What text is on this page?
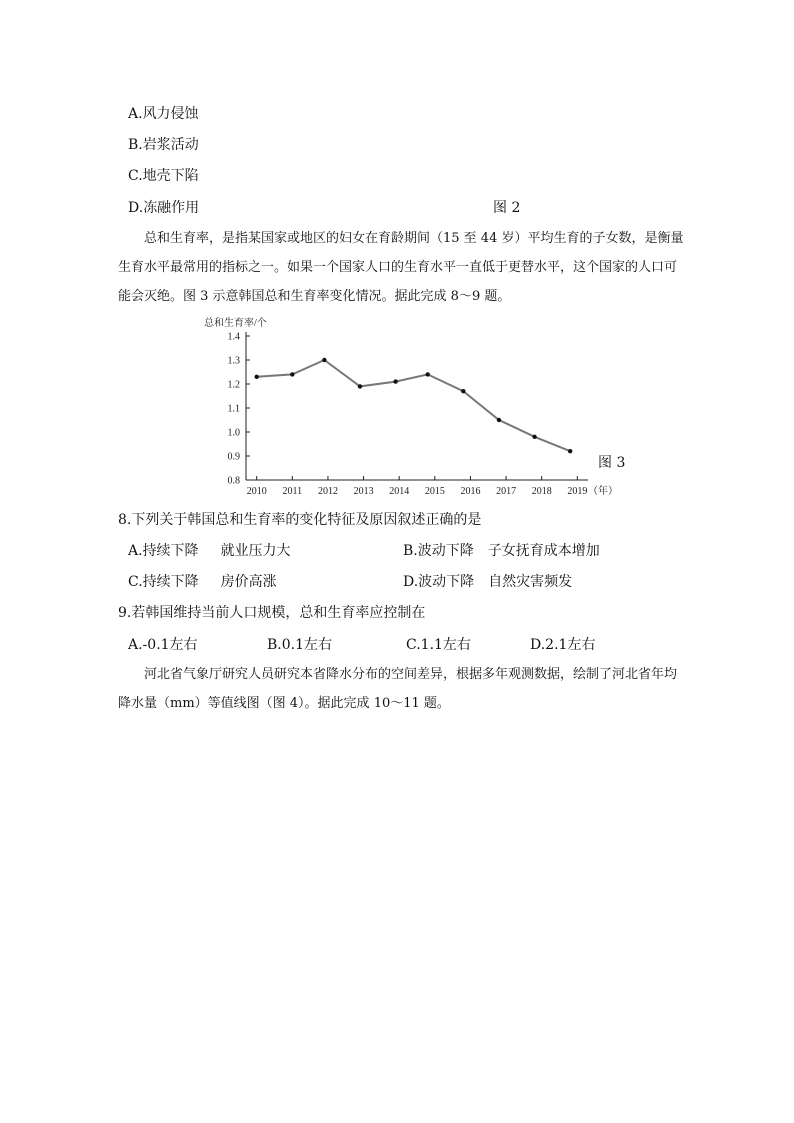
A.风力侵蚀
B.岩浆活动
C.地壳下陷
D.冻融作用	图 2

总和生育率，是指某国家或地区的妇女在育龄期间（15 至 44 岁）平均生育的子女数，是衡量生育水平最常用的指标之一。如果一个国家人口的生育水平一直低于更替水平，这个国家的人口可能会灭绝。图 3 示意韩国总和生育率变化情况。据此完成 8～9 题。

总和生育率/个
1.4
1.3
1.2
1.1
1.0
0.9
0.8
2010 2011 2012 2013 2014 2015 2016 2017 2018 2019 （年）
图 3
8.下列关于韩国总和生育率的变化特征及原因叙述正确的是
A.持续下降 就业压力大	B.波动下降 子女抚育成本增加
C.持续下降 房价高涨	D.波动下降 自然灾害频发
9.若韩国维持当前人口规模，总和生育率应控制在
A.-0.1左右	B.0.1左右	C.1.1左右	D.2.1左右

河北省气象厅研究人员研究本省降水分布的空间差异，根据多年观测数据，绘制了河北省年均降水量（mm）等值线图（图 4）。据此完成 10～11 题。
